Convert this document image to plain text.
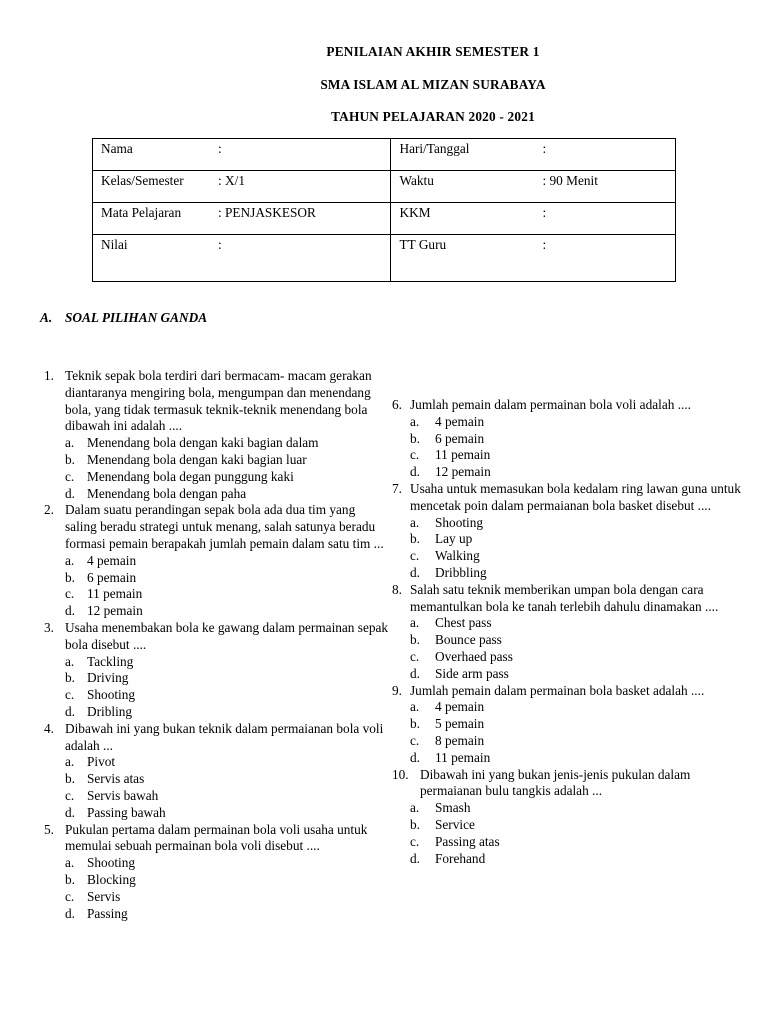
PENILAIAN AKHIR SEMESTER 1
SMA ISLAM AL MIZAN SURABAYA
TAHUN PELAJARAN 2020 - 2021
Nama :	Hari/Tanggal :

Kelas/Semester : X/1	Waktu : 90 Menit

Mata Pelajaran : PENJASKESOR	KKM :

Nilai :	TT Guru :
A. SOAL PILIHAN GANDA
1. Teknik sepak bola terdiri dari bermacam- macam gerakan diantaranya mengiring bola, mengumpan dan menendang bola, yang tidak termasuk teknik-teknik menendang bola dibawah ini adalah ....
a. Menendang bola dengan kaki bagian dalam
b. Menendang bola dengan kaki bagian luar
c. Menendang bola degan punggung kaki
d. Menendang bola dengan paha
2. Dalam suatu perandingan sepak bola ada dua tim yang saling beradu strategi untuk menang, salah satunya beradu formasi pemain berapakah jumlah pemain dalam satu tim ...
a. 4 pemain
b. 6 pemain
c. 11 pemain
d. 12 pemain
3. Usaha menembakan bola ke gawang dalam permainan sepak bola disebut ....
a. Tackling
b. Driving
c. Shooting
d. Dribling
4. Dibawah ini yang bukan teknik dalam permaianan bola voli adalah ...
a. Pivot
b. Servis atas
c. Servis bawah
d. Passing bawah
5. Pukulan pertama dalam permainan bola voli usaha untuk memulai sebuah permainan bola voli disebut ....
a. Shooting
b. Blocking
c. Servis
d. Passing
6. Jumlah pemain dalam permainan bola voli adalah ....
a. 4 pemain
b. 6 pemain
c. 11 pemain
d. 12 pemain
7. Usaha untuk memasukan bola kedalam ring lawan guna untuk mencetak poin dalam permaianan bola basket disebut ....
a. Shooting
b. Lay up
c. Walking
d. Dribbling
8. Salah satu teknik memberikan umpan bola dengan cara memantulkan bola ke tanah terlebih dahulu dinamakan ....
a. Chest pass
b. Bounce pass
c. Overhaed pass
d. Side arm pass
9. Jumlah pemain dalam permainan bola basket adalah ....
a. 4 pemain
b. 5 pemain
c. 8 pemain
d. 11 pemain
10. Dibawah ini yang bukan jenis-jenis pukulan dalam permaianan bulu tangkis adalah ...
a. Smash
b. Service
c. Passing atas
d. Forehand
